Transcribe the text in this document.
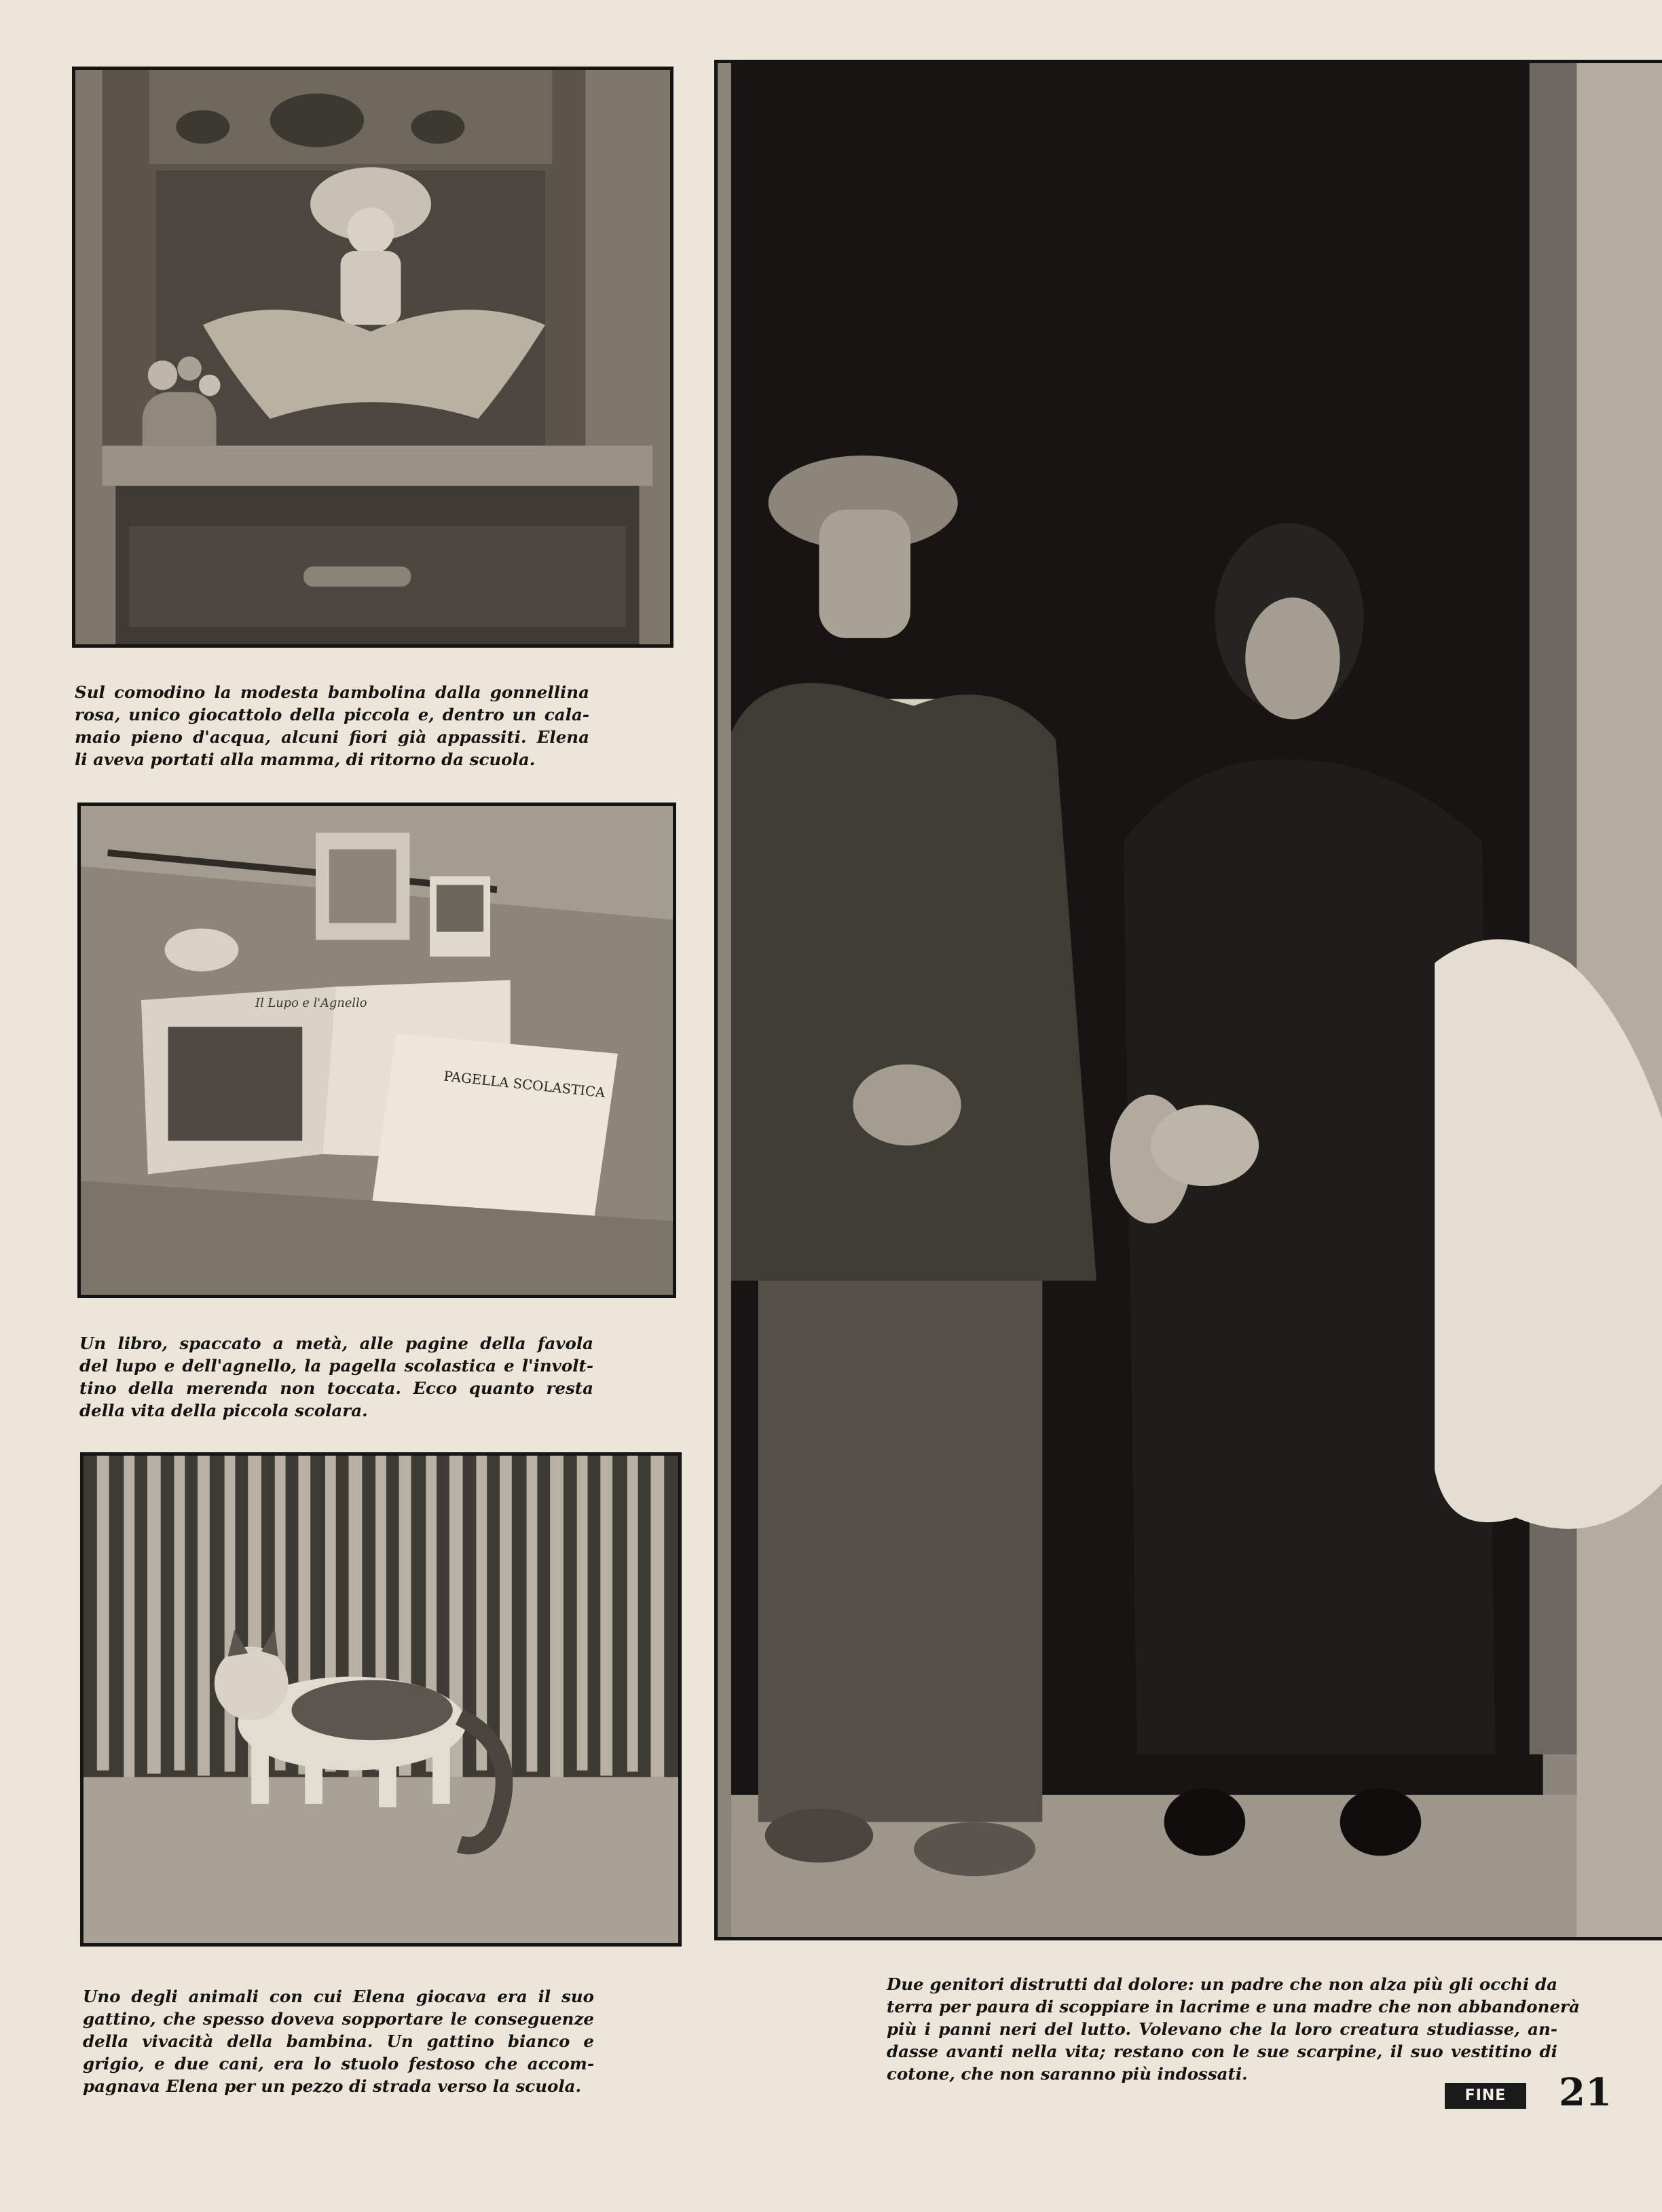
Sul comodino la modesta bambolina dalla gonnellina
rosa, unico giocattolo della piccola e, dentro un cala-
maio pieno d'acqua, alcuni fiori già appassiti. Elena
li aveva portati alla mamma, di ritorno da scuola.

PAGELLA SCOLASTICA
Il Lupo e l'Agnello

Un libro, spaccato a metà, alle pagine della favola
del lupo e dell'agnello, la pagella scolastica e l'involt-
tino della merenda non toccata. Ecco quanto resta
della vita della piccola scolara.

Uno degli animali con cui Elena giocava era il suo
gattino, che spesso doveva sopportare le conseguenze
della vivacità della bambina. Un gattino bianco e
grigio, e due cani, era lo stuolo festoso che accom-
pagnava Elena per un pezzo di strada verso la scuola.

Due genitori distrutti dal dolore: un padre che non alza più gli occhi da
terra per paura di scoppiare in lacrime e una madre che non abbandonerà
più i panni neri del lutto. Volevano che la loro creatura studiasse, an-
dasse avanti nella vita; restano con le sue scarpine, il suo vestitino di
cotone, che non saranno più indossati.

FINE	21
